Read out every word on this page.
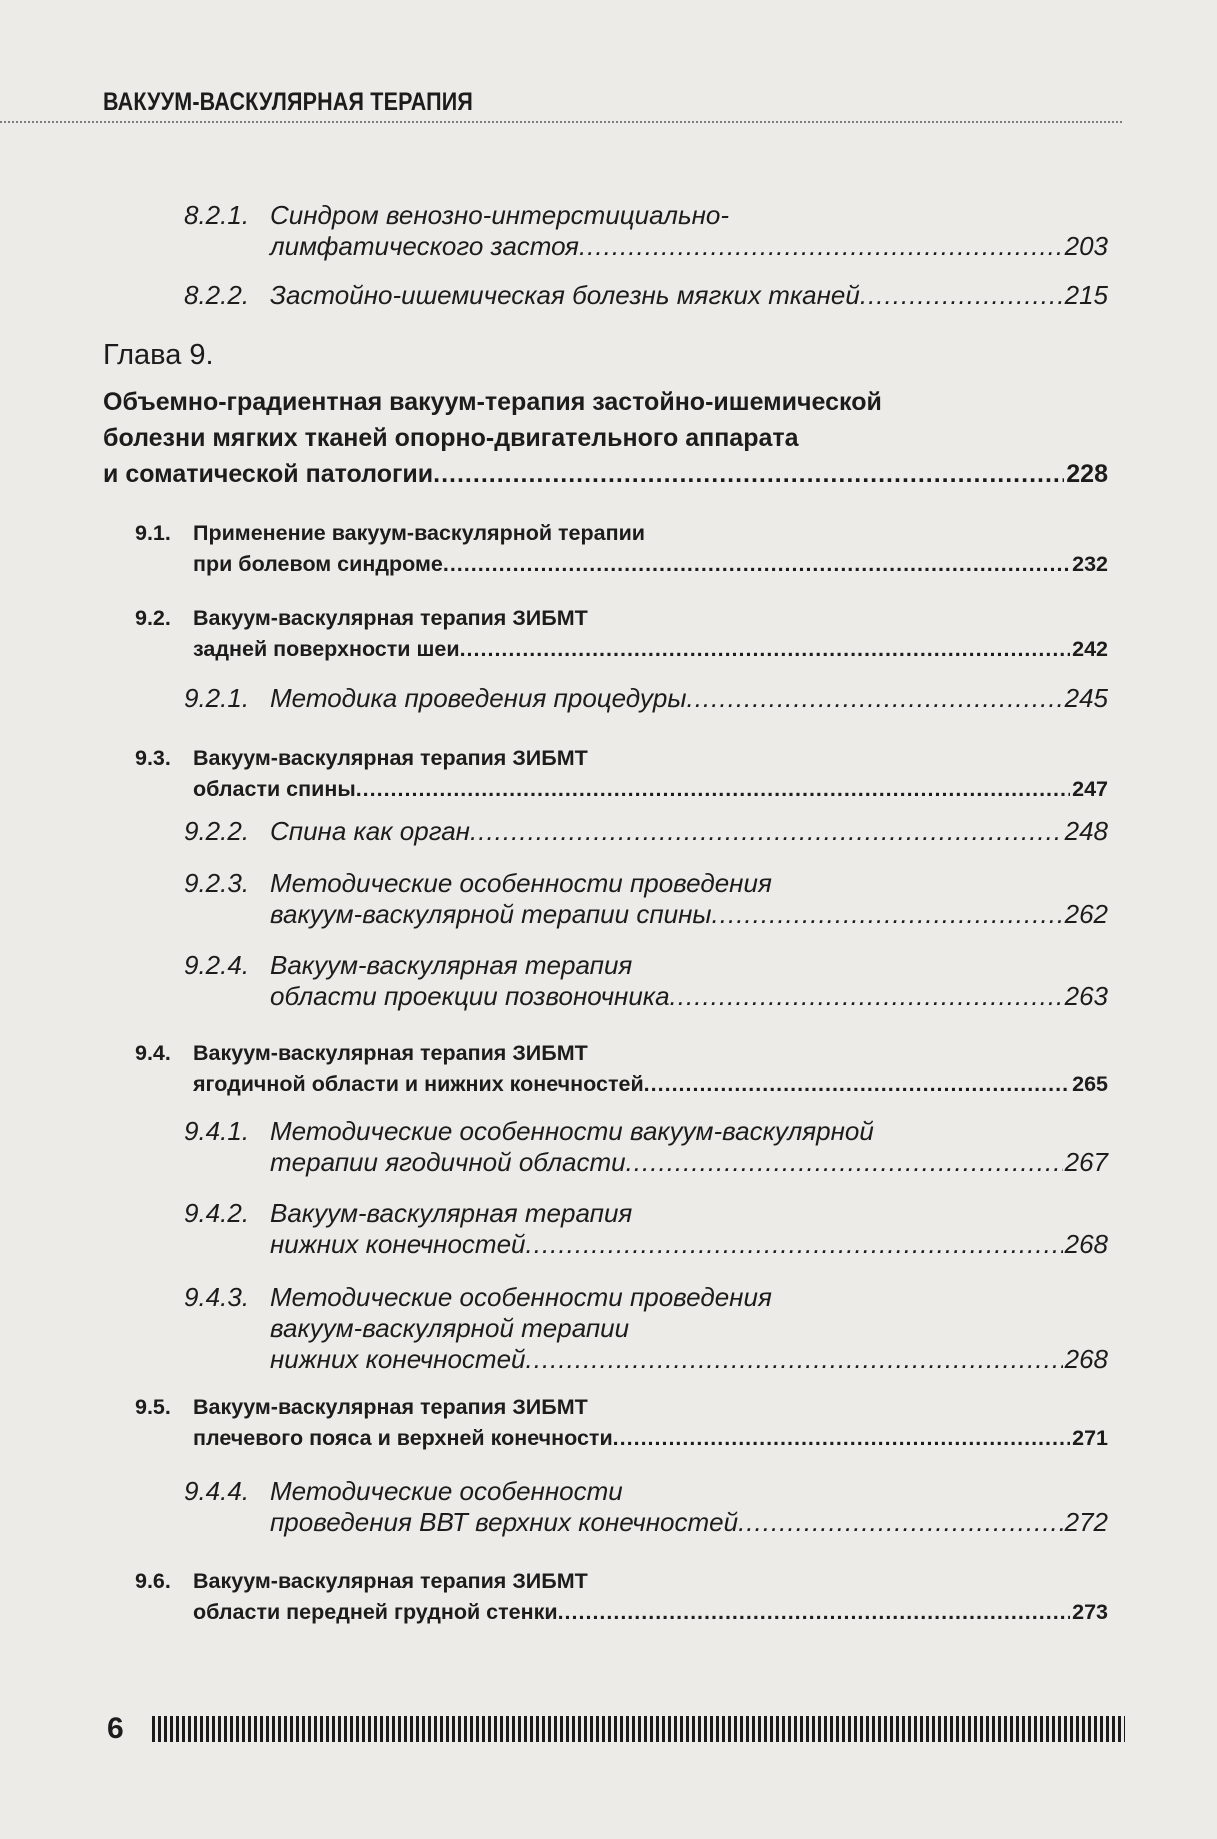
ВАКУУМ-ВАСКУЛЯРНАЯ ТЕРАПИЯ
8.2.1. Синдром венозно-интерстициально-
лимфатического застоя .....	203
8.2.2. Застойно-ишемическая болезнь мягких тканей .....	215
Глава 9.
Объемно-градиентная вакуум-терапия застойно-ишемической
болезни мягких тканей опорно-двигательного аппарата
и соматической патологии .....	228
9.1.	Применение вакуум-васкулярной терапии
при болевом синдроме .....	232
9.2.	Вакуум-васкулярная терапия ЗИБМТ
задней поверхности шеи .....	242
9.2.1. Методика проведения процедуры .....	245
9.3.	Вакуум-васкулярная терапия ЗИБМТ
области спины .....	247
9.2.2. Спина как орган .....	248
9.2.3. Методические особенности проведения
вакуум-васкулярной терапии спины .....	262
9.2.4. Вакуум-васкулярная терапия
области проекции позвоночника .....	263
9.4.	Вакуум-васкулярная терапия ЗИБМТ
ягодичной области и нижних конечностей .....	265
9.4.1. Методические особенности вакуум-васкулярной
терапии ягодичной области .....	267
9.4.2. Вакуум-васкулярная терапия
нижних конечностей .....	268
9.4.3. Методические особенности проведения
вакуум-васкулярной терапии
нижних конечностей .....	268
9.5.	Вакуум-васкулярная терапия ЗИБМТ
плечевого пояса и верхней конечности .....	271
9.4.4. Методические особенности
проведения ВВТ верхних конечностей .....	272
9.6.	Вакуум-васкулярная терапия ЗИБМТ
области передней грудной стенки .....	273
6
